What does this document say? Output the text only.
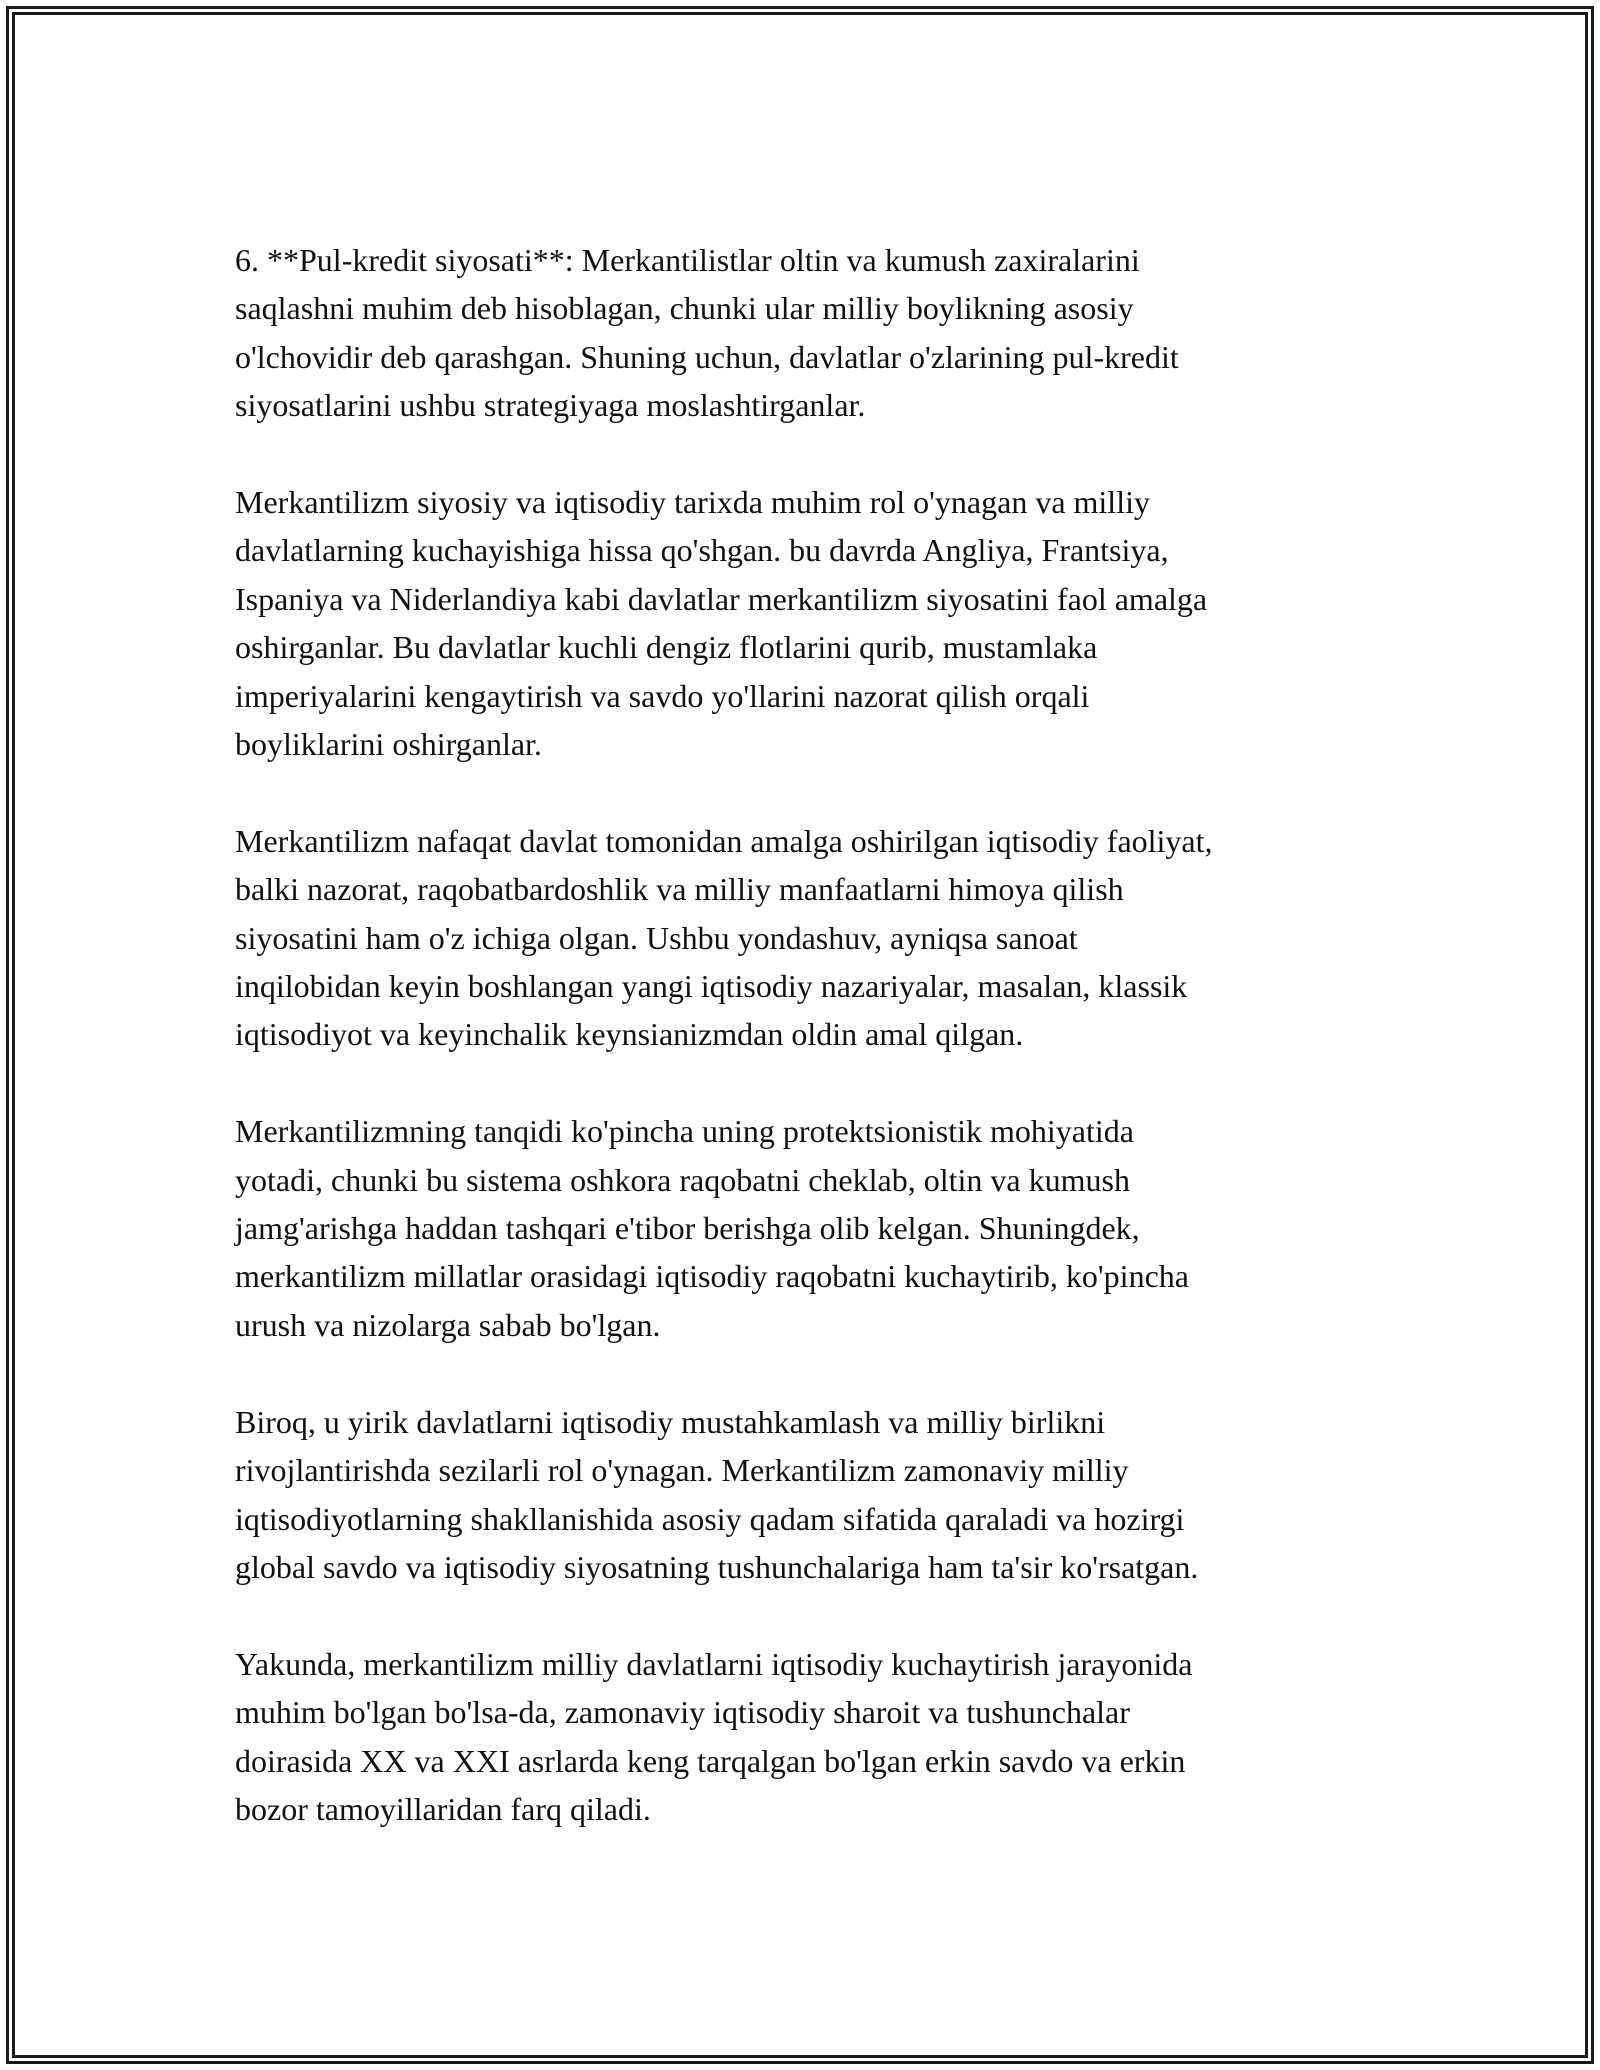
6. **Pul-kredit siyosati**: Merkantilistlar oltin va kumush zaxiralarini
saqlashni muhim deb hisoblagan, chunki ular milliy boylikning asosiy
o'lchovidir deb qarashgan. Shuning uchun, davlatlar o'zlarining pul-kredit
siyosatlarini ushbu strategiyaga moslashtirganlar.

Merkantilizm siyosiy va iqtisodiy tarixda muhim rol o'ynagan va milliy
davlatlarning kuchayishiga hissa qo'shgan. bu davrda Angliya, Frantsiya,
Ispaniya va Niderlandiya kabi davlatlar merkantilizm siyosatini faol amalga
oshirganlar. Bu davlatlar kuchli dengiz flotlarini qurib, mustamlaka
imperiyalarini kengaytirish va savdo yo'llarini nazorat qilish orqali
boyliklarini oshirganlar.

Merkantilizm nafaqat davlat tomonidan amalga oshirilgan iqtisodiy faoliyat,
balki nazorat, raqobatbardoshlik va milliy manfaatlarni himoya qilish
siyosatini ham o'z ichiga olgan. Ushbu yondashuv, ayniqsa sanoat
inqilobidan keyin boshlangan yangi iqtisodiy nazariyalar, masalan, klassik
iqtisodiyot va keyinchalik keynsianizmdan oldin amal qilgan.

Merkantilizmning tanqidi ko'pincha uning protektsionistik mohiyatida
yotadi, chunki bu sistema oshkora raqobatni cheklab, oltin va kumush
jamg'arishga haddan tashqari e'tibor berishga olib kelgan. Shuningdek,
merkantilizm millatlar orasidagi iqtisodiy raqobatni kuchaytirib, ko'pincha
urush va nizolarga sabab bo'lgan.

Biroq, u yirik davlatlarni iqtisodiy mustahkamlash va milliy birlikni
rivojlantirishda sezilarli rol o'ynagan. Merkantilizm zamonaviy milliy
iqtisodiyotlarning shakllanishida asosiy qadam sifatida qaraladi va hozirgi
global savdo va iqtisodiy siyosatning tushunchalariga ham ta'sir ko'rsatgan.

Yakunda, merkantilizm milliy davlatlarni iqtisodiy kuchaytirish jarayonida
muhim bo'lgan bo'lsa-da, zamonaviy iqtisodiy sharoit va tushunchalar
doirasida XX va XXI asrlarda keng tarqalgan bo'lgan erkin savdo va erkin
bozor tamoyillaridan farq qiladi.
